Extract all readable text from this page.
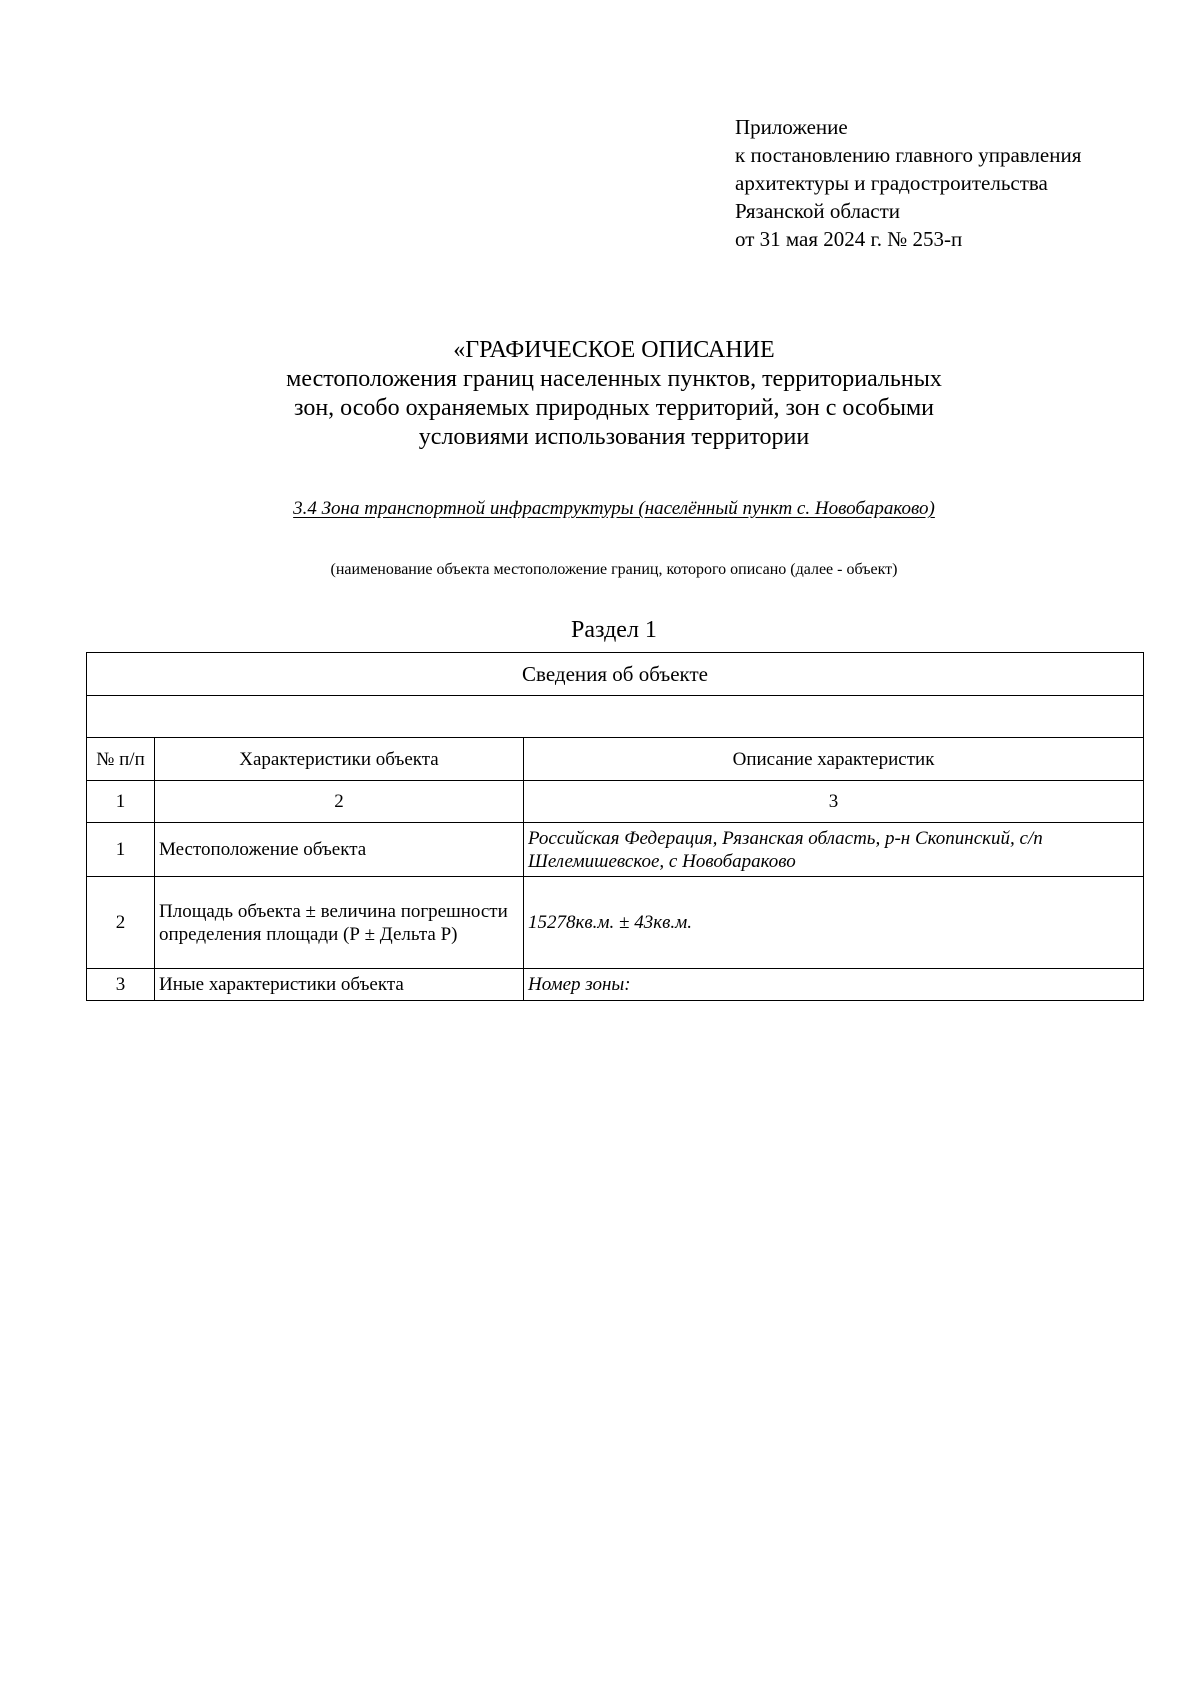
Приложение
к постановлению главного управления
архитектуры и градостроительства
Рязанской области
от 31 мая 2024 г. № 253-п
«ГРАФИЧЕСКОЕ ОПИСАНИЕ
местоположения границ населенных пунктов, территориальных
зон, особо охраняемых природных территорий, зон с особыми
условиями использования территории
3.4 Зона транспортной инфраструктуры (населённый пункт с. Новобараково)
(наименование объекта местоположение границ, которого описано (далее - объект)
Раздел 1
Сведения об объекте		

№ п/п	Характеристики объекта	Описание характеристик
1	2	3
1	Местоположение объекта	Российская Федерация, Рязанская область, р-н Скопинский, с/п Шелемишевское, с Новобараково
2	Площадь объекта ± величина погрешности определения площади (Р ± Дельта Р)	15278кв.м. ± 43кв.м.
3	Иные характеристики объекта	Номер зоны:
